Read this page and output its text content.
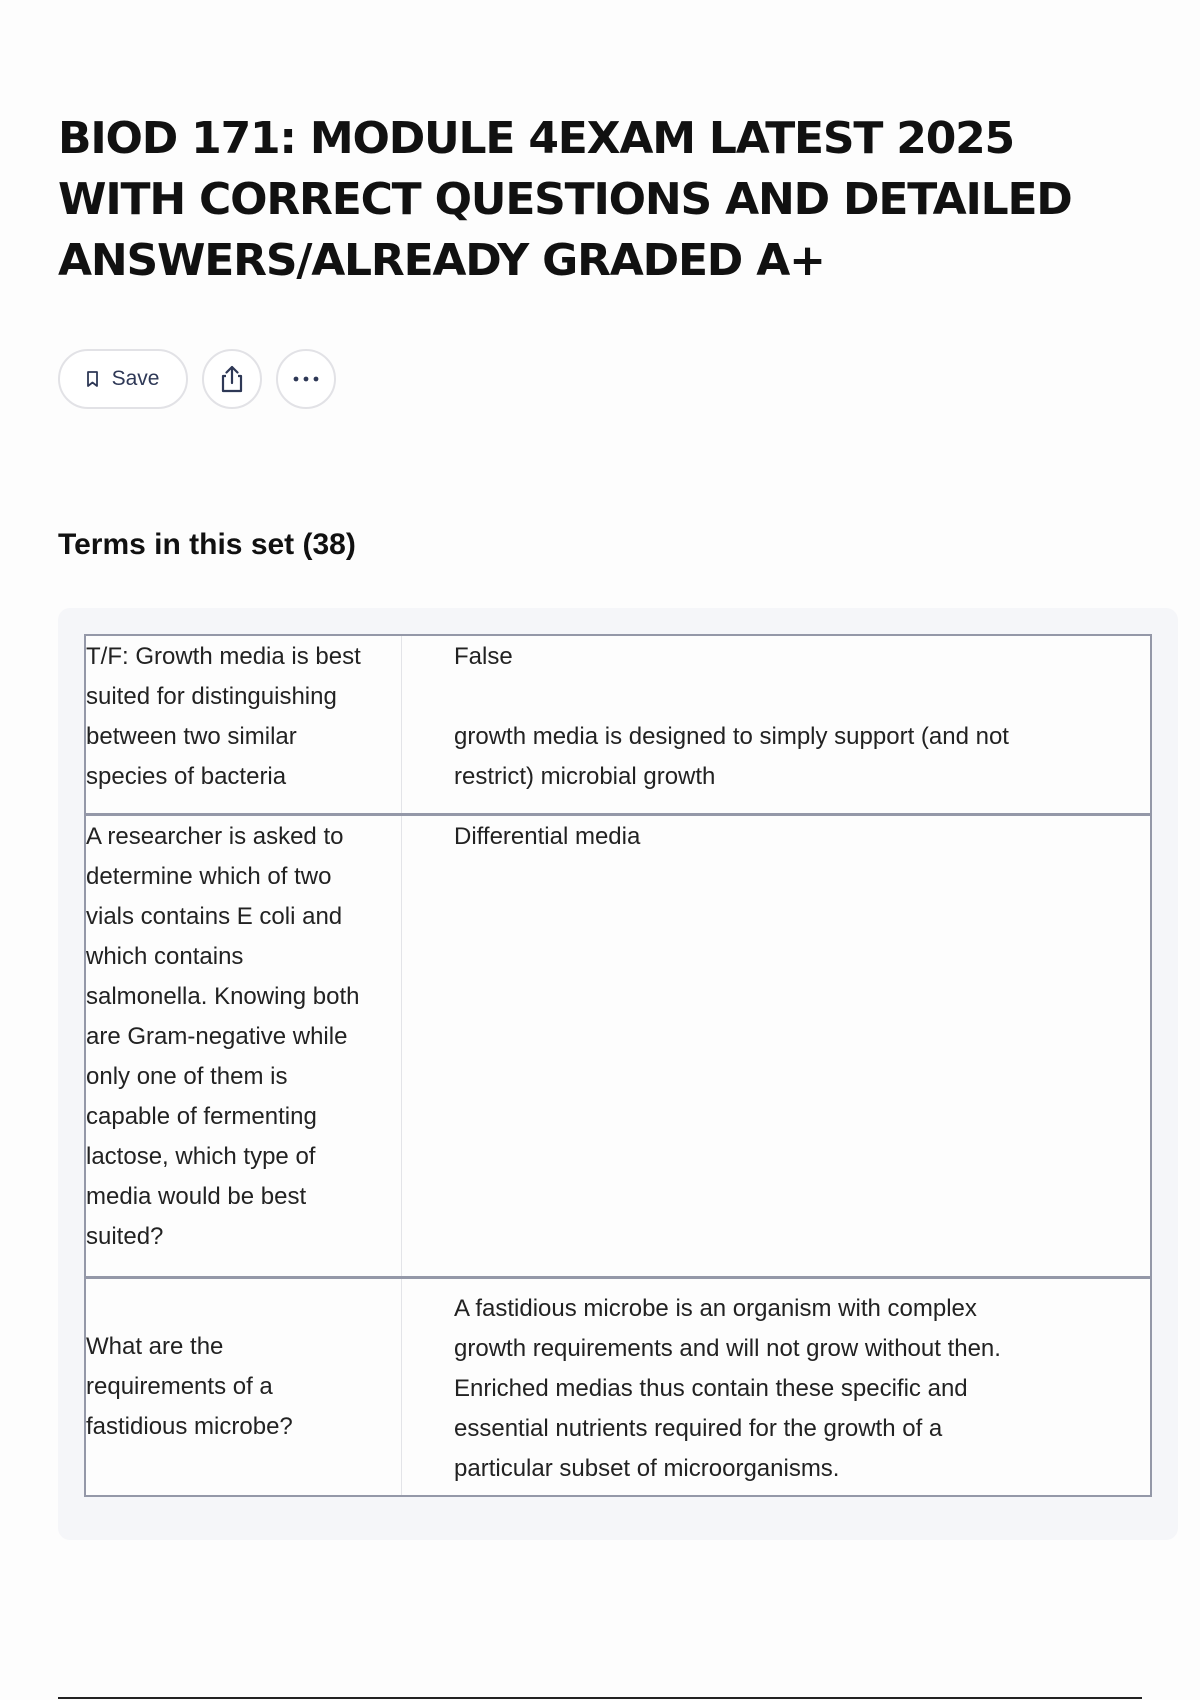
BIOD 171: MODULE 4EXAM LATEST 2025 WITH CORRECT QUESTIONS AND DETAILED ANSWERS/ALREADY GRADED A+
Save
Terms in this set (38)
T/F: Growth media is best
suited for distinguishing
between two similar
species of bacteria
False

growth media is designed to simply support (and not
restrict) microbial growth
A researcher is asked to
determine which of two
vials contains E coli and
which contains
salmonella. Knowing both
are Gram-negative while
only one of them is
capable of fermenting
lactose, which type of
media would be best
suited?
Differential media
What are the
requirements of a
fastidious microbe?
A fastidious microbe is an organism with complex
growth requirements and will not grow without then.
Enriched medias thus contain these specific and
essential nutrients required for the growth of a
particular subset of microorganisms.
